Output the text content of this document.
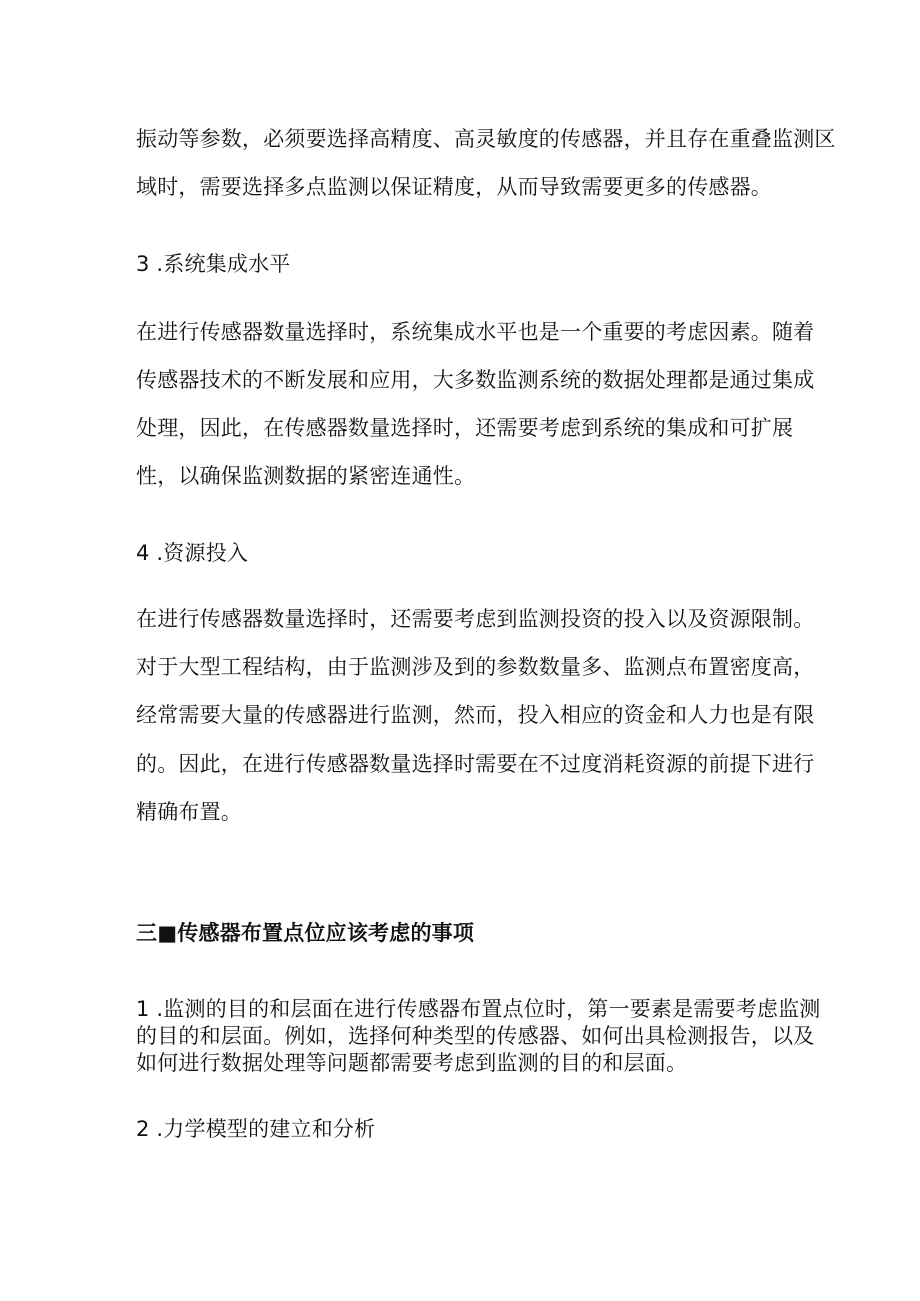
振动等参数，必须要选择高精度、高灵敏度的传感器，并且存在重叠监测区
域时，需要选择多点监测以保证精度，从而导致需要更多的传感器。
3 .系统集成水平
在进行传感器数量选择时，系统集成水平也是一个重要的考虑因素。随着
传感器技术的不断发展和应用，大多数监测系统的数据处理都是通过集成
处理，因此，在传感器数量选择时，还需要考虑到系统的集成和可扩展
性，以确保监测数据的紧密连通性。
4 .资源投入
在进行传感器数量选择时，还需要考虑到监测投资的投入以及资源限制。
对于大型工程结构，由于监测涉及到的参数数量多、监测点布置密度高，
经常需要大量的传感器进行监测，然而，投入相应的资金和人力也是有限
的。因此，在进行传感器数量选择时需要在不过度消耗资源的前提下进行
精确布置。
三■传感器布置点位应该考虑的事项
1 .监测的目的和层面在进行传感器布置点位时，第一要素是需要考虑监测
的目的和层面。例如，选择何种类型的传感器、如何出具检测报告，以及
如何进行数据处理等问题都需要考虑到监测的目的和层面。
2 .力学模型的建立和分析
